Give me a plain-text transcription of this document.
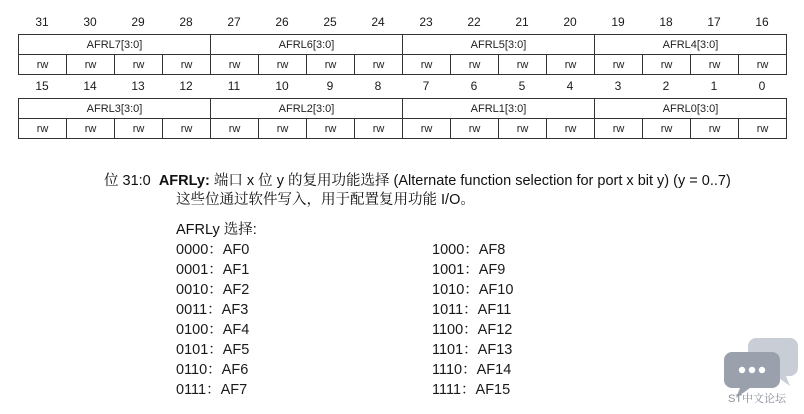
31	30	29	28	27	26	25	24	23	22	21	20	19	18	17	16
AFRL7[3:0]				AFRL6[3:0]				AFRL5[3:0]				AFRL4[3:0]			
rw	rw	rw	rw	rw	rw	rw	rw	rw	rw	rw	rw	rw	rw	rw	rw
15	14	13	12	11	10	9	8	7	6	5	4	3	2	1	0
AFRL3[3:0]				AFRL2[3:0]				AFRL1[3:0]				AFRL0[3:0]			
rw	rw	rw	rw	rw	rw	rw	rw	rw	rw	rw	rw	rw	rw	rw	rw
位 31:0 AFRLy: 端口 x 位 y 的复用功能选择 (Alternate function selection for port x bit y) (y = 0..7)
这些位通过软件写入，用于配置复用功能 I/O。
AFRLy 选择:
0000：AF0
0001：AF1
0010：AF2
0011：AF3
0100：AF4
0101：AF5
0110：AF6
0111：AF7
1000：AF8
1001：AF9
1010：AF10
1011：AF11
1100：AF12
1101：AF13
1110：AF14
1111：AF15
ST中文论坛
